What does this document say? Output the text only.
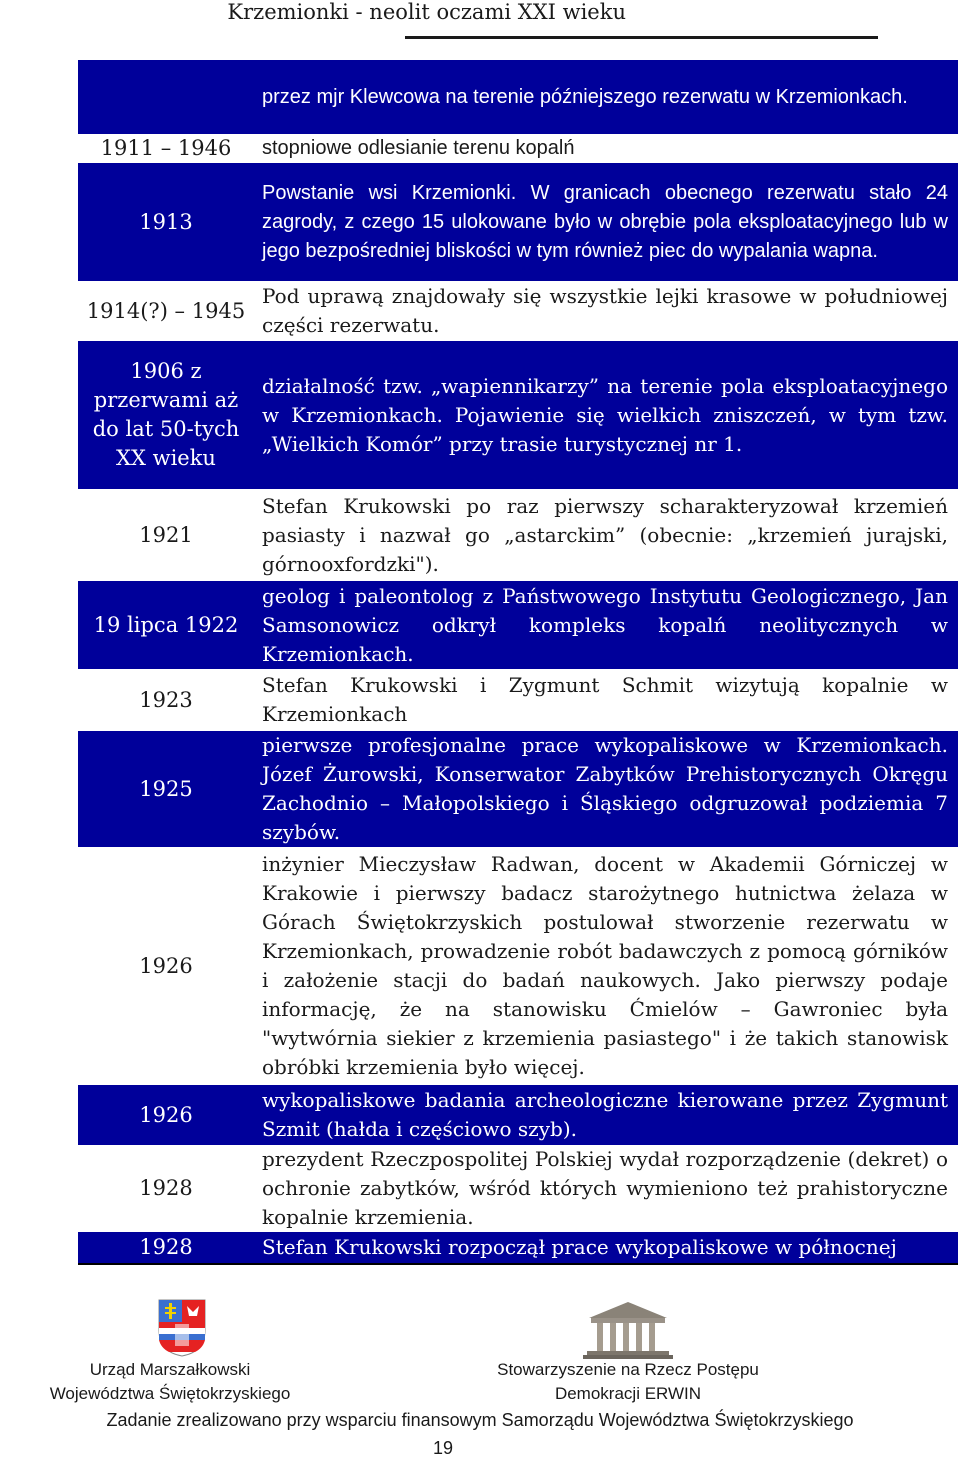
Krzemionki - neolit oczami XXI wieku
	przez mjr Klewcowa na terenie późniejszego rezerwatu w Krzemionkach.
1911 – 1946	stopniowe odlesianie terenu kopalń
1913	Powstanie wsi Krzemionki. W granicach obecnego rezerwatu stało 24 zagrody, z czego 15 ulokowane było w obrębie pola eksploatacyjnego lub w jego bezpośredniej bliskości w tym również piec do wypalania wapna.
1914(?) – 1945	Pod uprawą znajdowały się wszystkie lejki krasowe w południowej części rezerwatu.
1906 z przerwami aż do lat 50-tych XX wieku	działalność tzw. „wapiennikarzy” na terenie pola eksploatacyjnego w Krzemionkach. Pojawienie się wielkich zniszczeń, w tym tzw. „Wielkich Komór” przy trasie turystycznej nr 1.
1921	Stefan Krukowski po raz pierwszy scharakteryzował krzemień pasiasty i nazwał go „astarckim” (obecnie: „krzemień jurajski, górnooxfordzki").
19 lipca 1922	geolog i paleontolog z Państwowego Instytutu Geologicznego, Jan Samsonowicz odkrył kompleks kopalń neolitycznych w Krzemionkach.
1923	Stefan Krukowski i Zygmunt Schmit wizytują kopalnie w Krzemionkach
1925	pierwsze profesjonalne prace wykopaliskowe w Krzemionkach. Józef Żurowski, Konserwator Zabytków Prehistorycznych Okręgu Zachodnio – Małopolskiego i Śląskiego odgruzował podziemia 7 szybów.
1926	inżynier Mieczysław Radwan, docent w Akademii Górniczej w Krakowie i pierwszy badacz starożytnego hutnictwa żelaza w Górach Świętokrzyskich postulował stworzenie rezerwatu w Krzemionkach, prowadzenie robót badawczych z pomocą górników i założenie stacji do badań naukowych. Jako pierwszy podaje informację, że na stanowisku Ćmielów – Gawroniec była "wytwórnia siekier z krzemienia pasiastego" i że takich stanowisk obróbki krzemienia było więcej.
1926	wykopaliskowe badania archeologiczne kierowane przez Zygmunt Szmit (hałda i częściowo szyb).
1928	prezydent Rzeczpospolitej Polskiej wydał rozporządzenie (dekret) o ochronie zabytków, wśród których wymieniono też prahistoryczne kopalnie krzemienia.
1928	Stefan Krukowski rozpoczął prace wykopaliskowe w północnej
Urząd Marszałkowski
Województwa Świętokrzyskiego
Stowarzyszenie na Rzecz Postępu
Demokracji ERWIN
Zadanie zrealizowano przy wsparciu finansowym Samorządu Województwa Świętokrzyskiego
19
